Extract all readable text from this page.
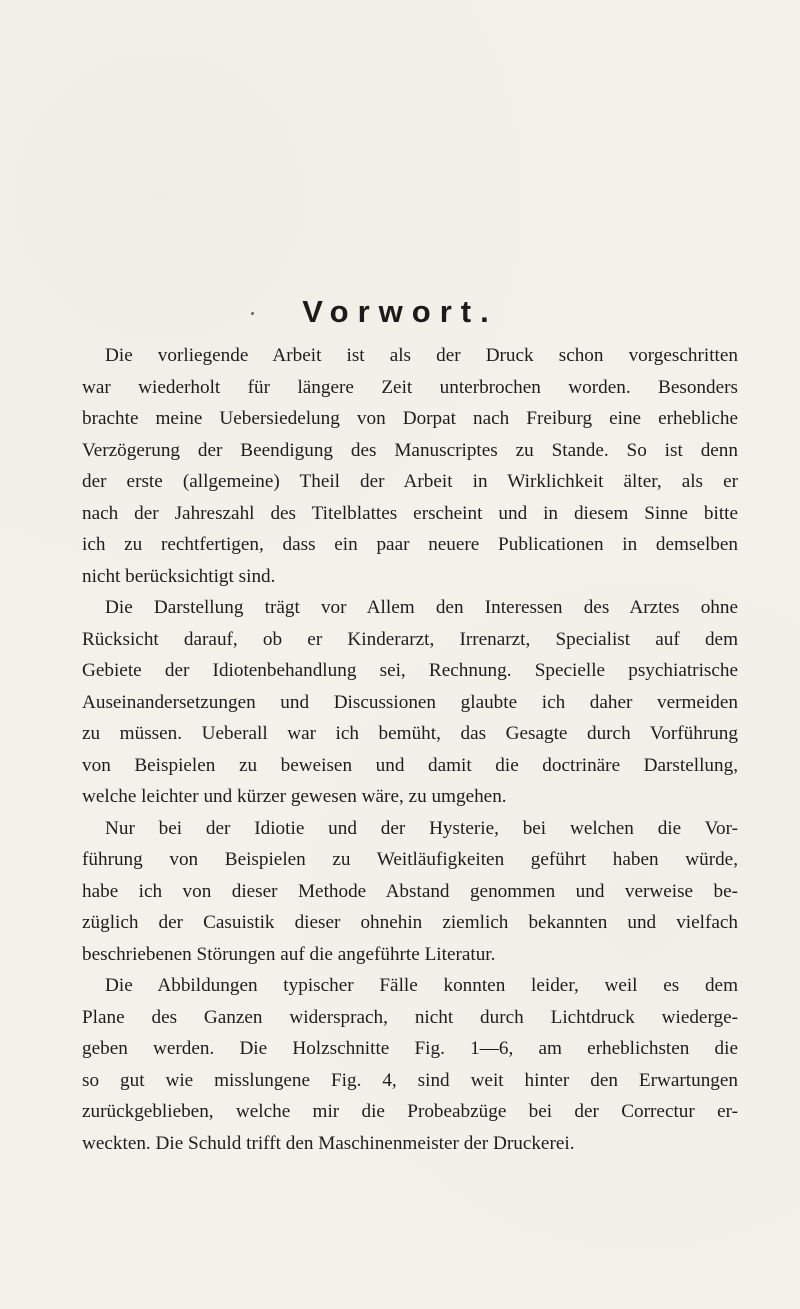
Vorwort.
Die vorliegende Arbeit ist als der Druck schon vorgeschritten
war wiederholt für längere Zeit unterbrochen worden. Besonders
brachte meine Uebersiedelung von Dorpat nach Freiburg eine erhebliche
Verzögerung der Beendigung des Manuscriptes zu Stande. So ist denn
der erste (allgemeine) Theil der Arbeit in Wirklichkeit älter, als er
nach der Jahreszahl des Titelblattes erscheint und in diesem Sinne bitte
ich zu rechtfertigen, dass ein paar neuere Publicationen in demselben
nicht berücksichtigt sind.
Die Darstellung trägt vor Allem den Interessen des Arztes ohne
Rücksicht darauf, ob er Kinderarzt, Irrenarzt, Specialist auf dem
Gebiete der Idiotenbehandlung sei, Rechnung. Specielle psychiatrische
Auseinandersetzungen und Discussionen glaubte ich daher vermeiden
zu müssen. Ueberall war ich bemüht, das Gesagte durch Vorführung
von Beispielen zu beweisen und damit die doctrinäre Darstellung,
welche leichter und kürzer gewesen wäre, zu umgehen.
Nur bei der Idiotie und der Hysterie, bei welchen die Vor-
führung von Beispielen zu Weitläufigkeiten geführt haben würde,
habe ich von dieser Methode Abstand genommen und verweise be-
züglich der Casuistik dieser ohnehin ziemlich bekannten und vielfach
beschriebenen Störungen auf die angeführte Literatur.
Die Abbildungen typischer Fälle konnten leider, weil es dem
Plane des Ganzen widersprach, nicht durch Lichtdruck wiederge-
geben werden. Die Holzschnitte Fig. 1—6, am erheblichsten die
so gut wie misslungene Fig. 4, sind weit hinter den Erwartungen
zurückgeblieben, welche mir die Probeabzüge bei der Correctur er-
weckten. Die Schuld trifft den Maschinenmeister der Druckerei.
